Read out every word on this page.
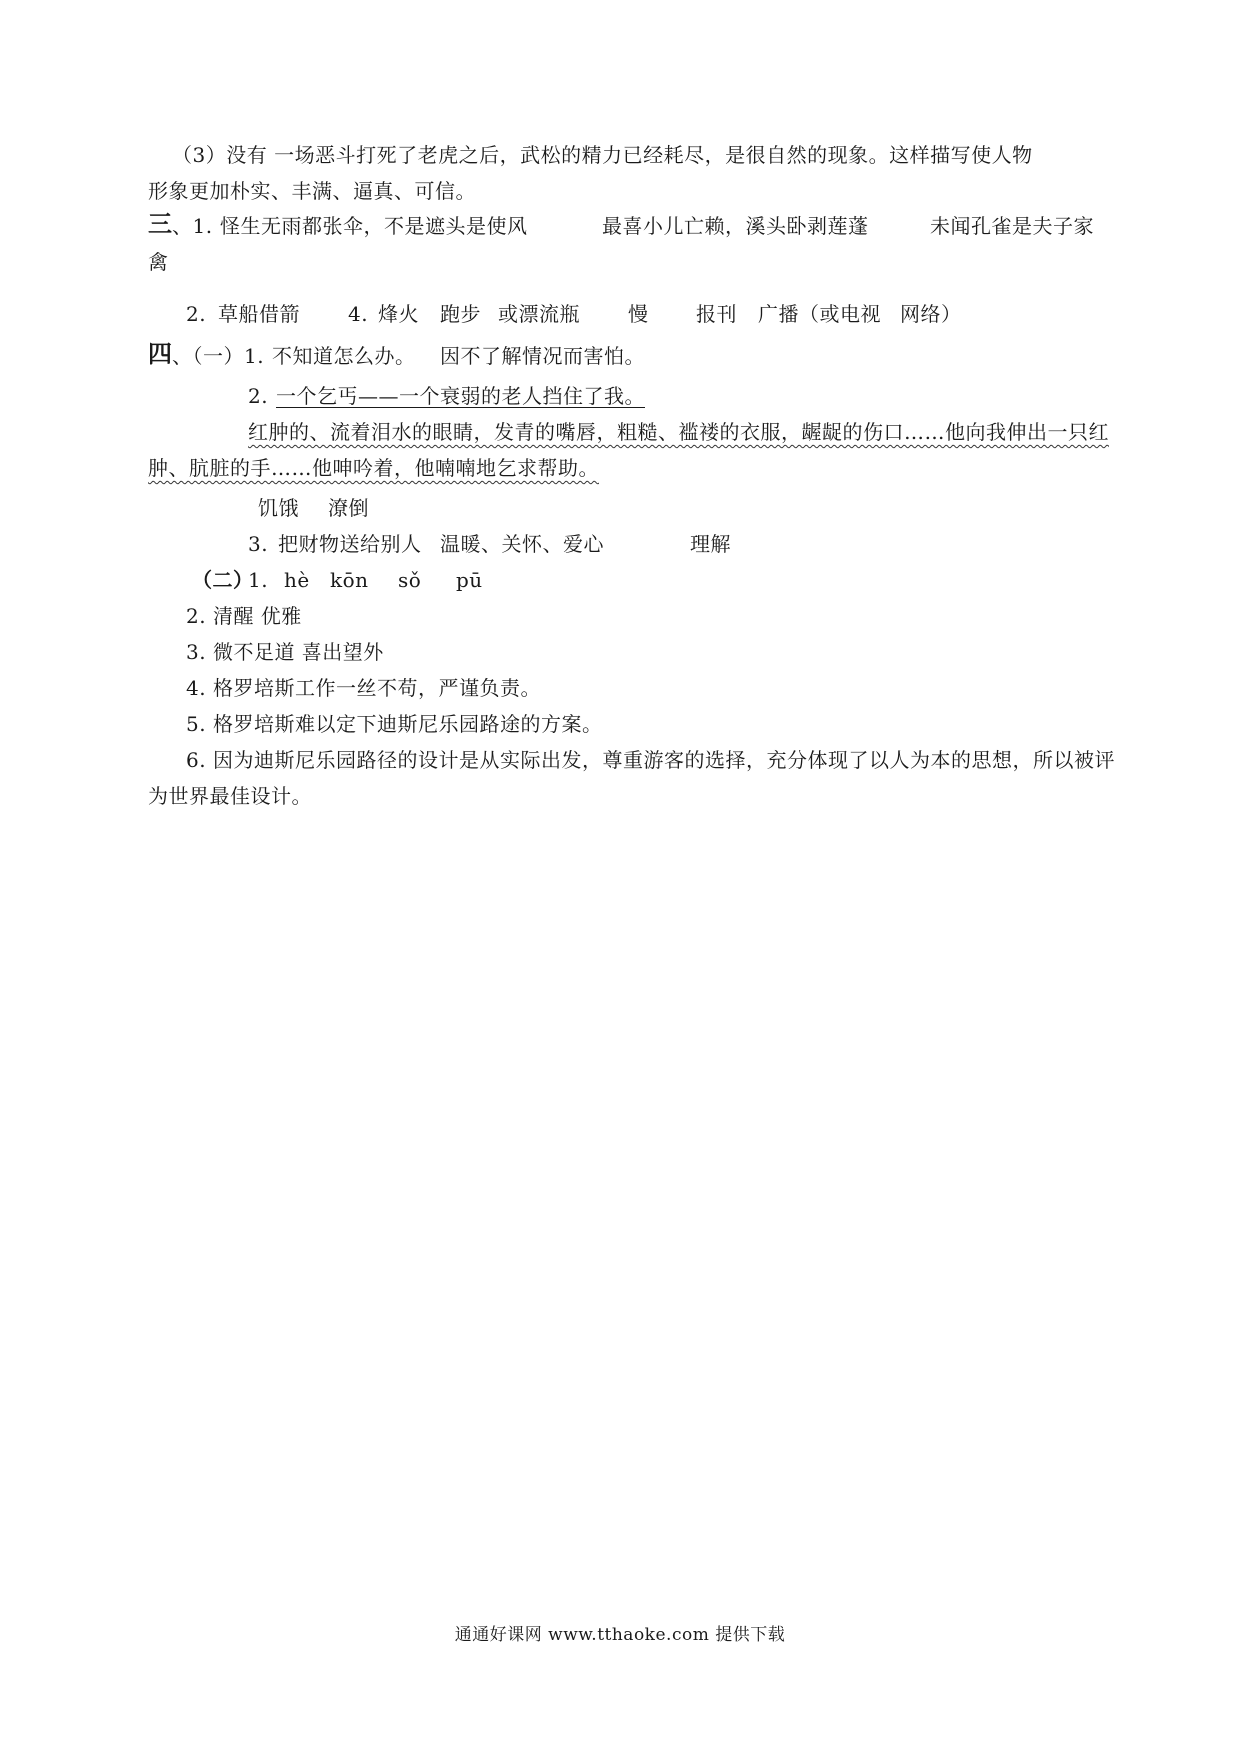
（3）没有 一场恶斗打死了老虎之后，武松的精力已经耗尽，是很自然的现象。这样描写使人物
形象更加朴实、丰满、逼真、可信。
三 、1. 怪生无雨都张伞，不是遮头是使风	最喜小儿亡赖，溪头卧剥莲蓬	未闻孔雀是夫子家
禽
2. 草船借箭 4. 烽火 跑步 或漂流瓶 慢 报刊 广播（或电视 网络）
四 、（一）1. 不知道怎么办。 因不了解情况而害怕。
2. 一个乞丐——一个衰弱的老人挡住了我。
红肿的、流着泪水的眼睛，发青的嘴唇，粗糙、褴褛的衣服，龌龊的伤口……他向我伸出一只红
肿、肮脏的手……他呻吟着，他喃喃地乞求帮助。
饥饿 潦倒
3. 把财物送给别人 温暖、关怀、爱心	理解
（二）
1. hè kōn sǒ pū
2. 清醒 优雅
3. 微不足道 喜出望外
4. 格罗培斯工作一丝不苟，严谨负责。
5. 格罗培斯难以定下迪斯尼乐园路途的方案。
6. 因为迪斯尼乐园路径的设计是从实际出发，尊重游客的选择，充分体现了以人为本的思想，所以被评
为世界最佳设计。
通通好课网 www.tthaoke.com 提供下载
